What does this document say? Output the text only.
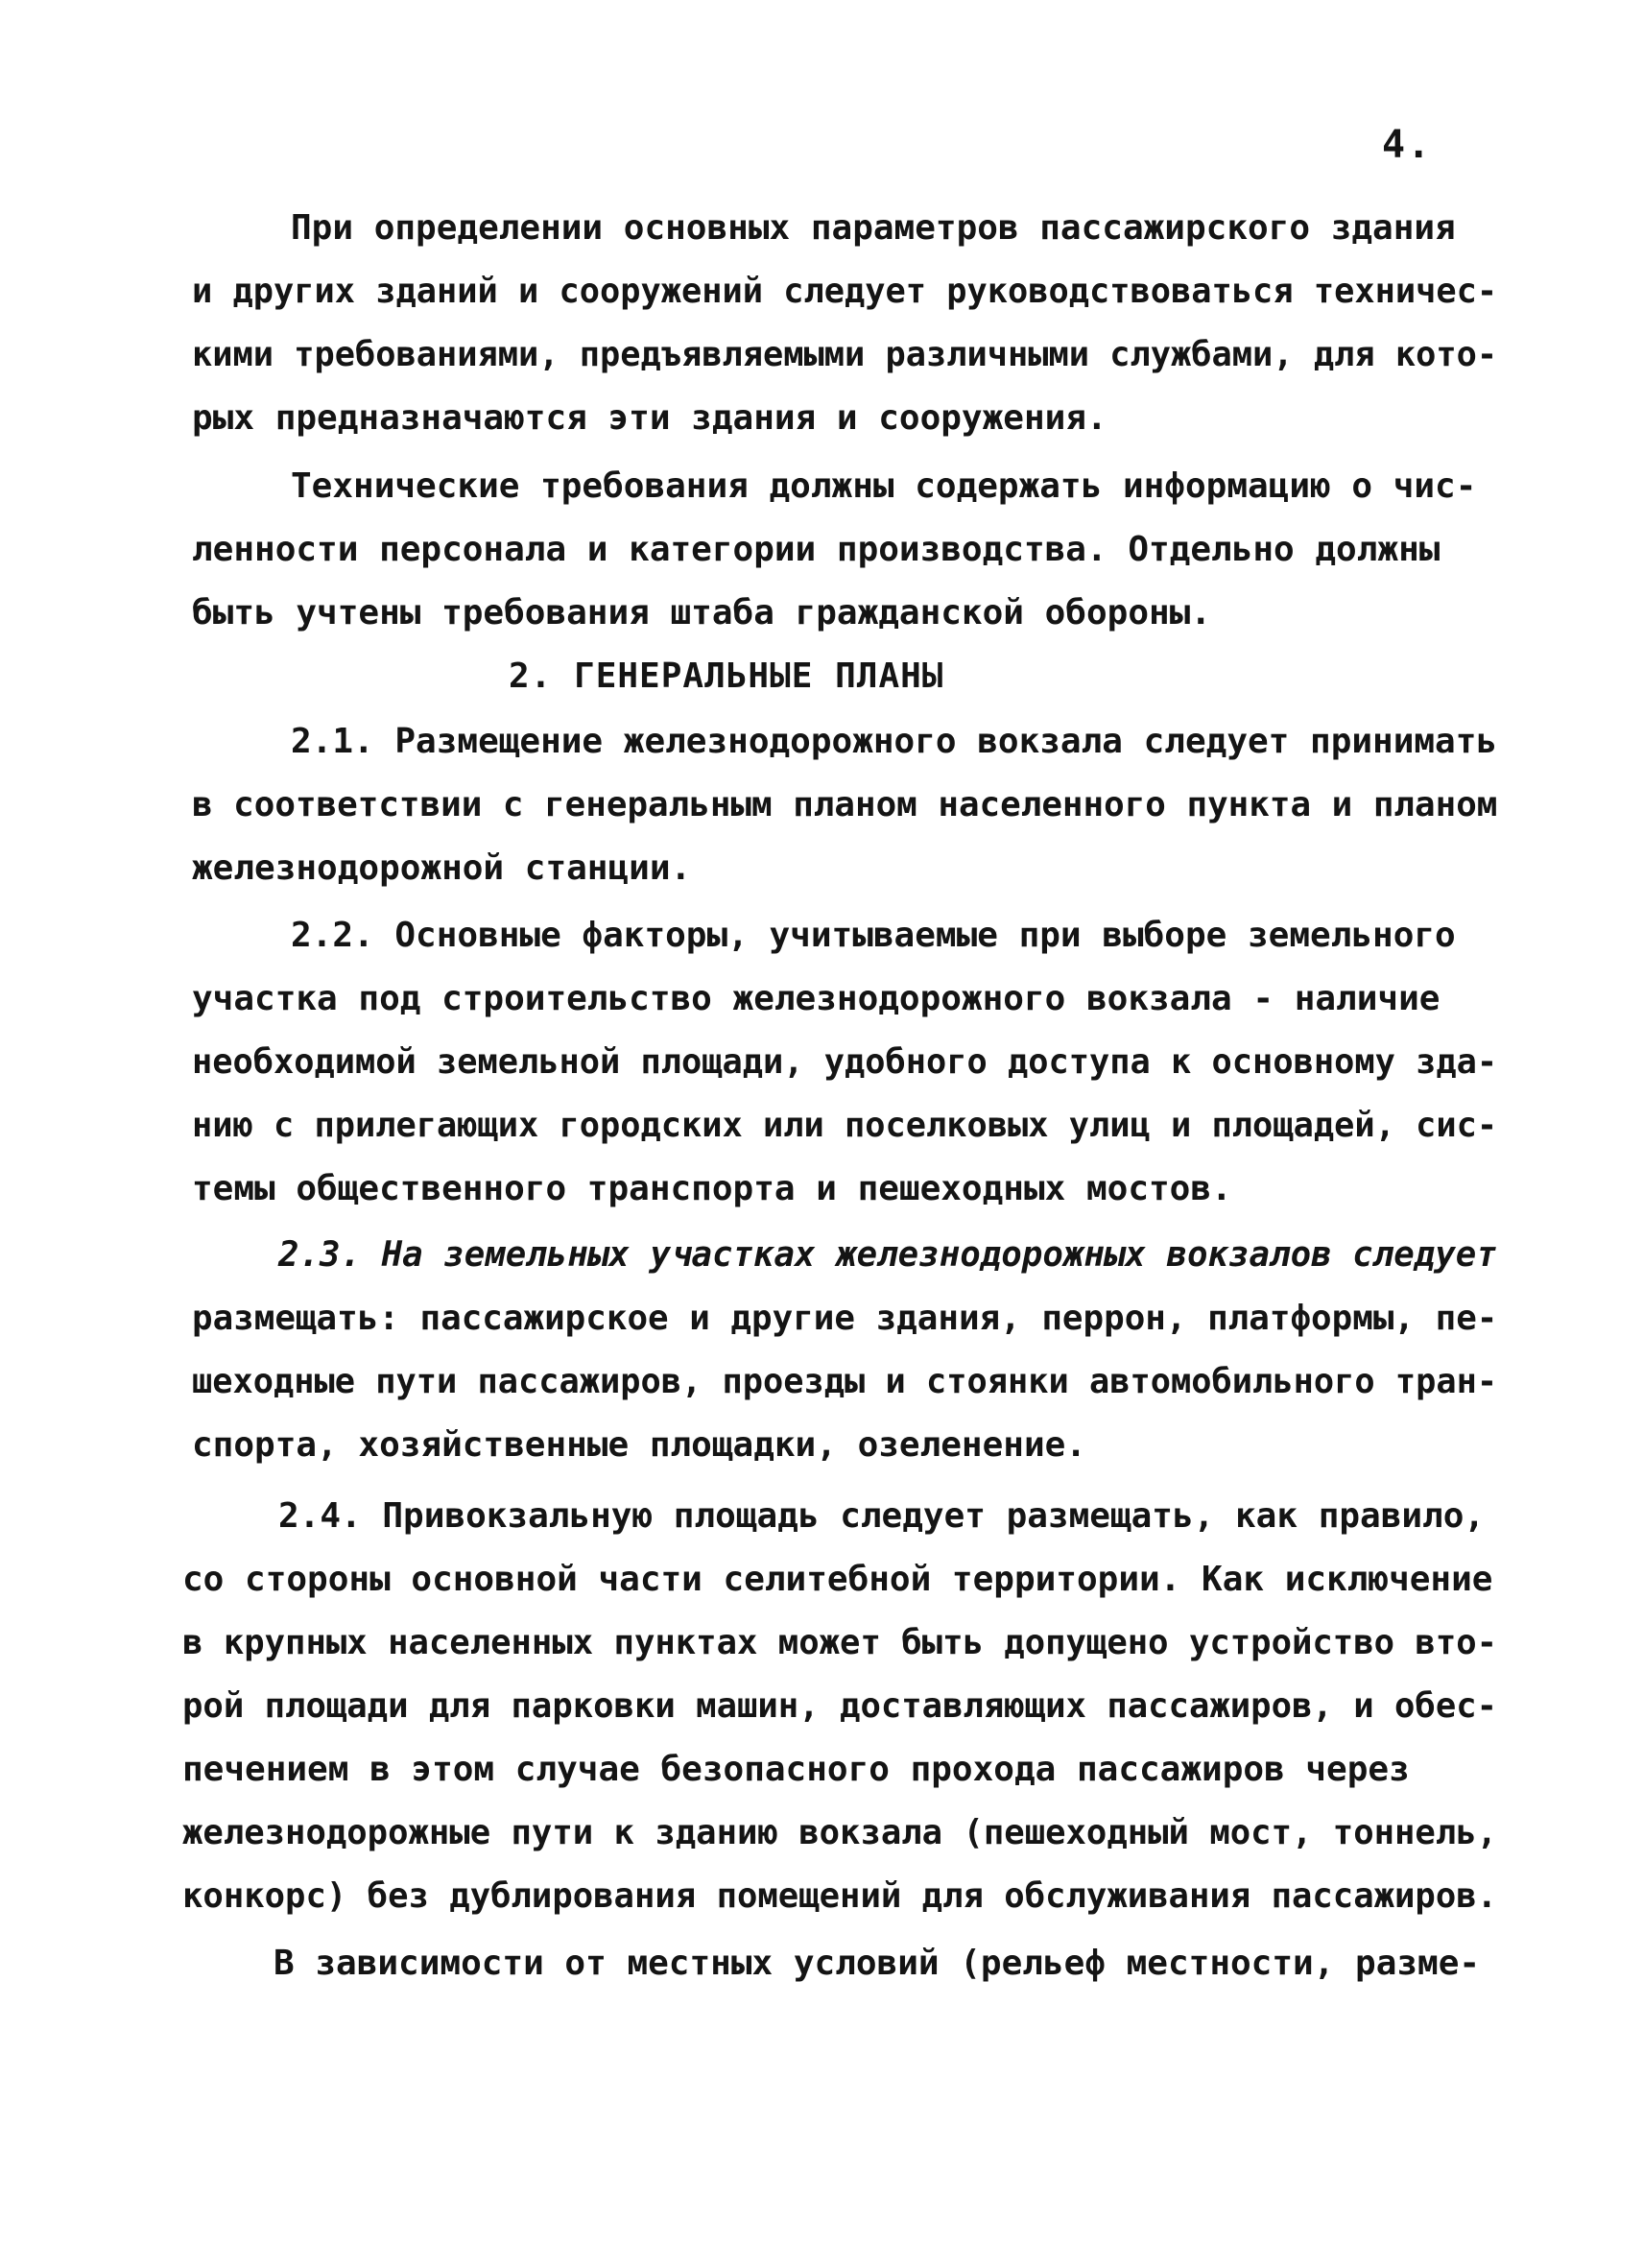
4.
При определении основных параметров пассажирского здания
и других зданий и сооружений следует руководствоваться техничес-
кими требованиями, предъявляемыми различными службами, для кото-
рых предназначаются эти здания и сооружения.
Технические требования должны содержать информацию о чис-
ленности персонала и категории производства. Отдельно должны
быть учтены требования штаба гражданской обороны.
2. ГЕНЕРАЛЬНЫЕ ПЛАНЫ
2.1. Размещение железнодорожного вокзала следует принимать
в соответствии с генеральным планом населенного пункта и планом
железнодорожной станции.
2.2. Основные факторы, учитываемые при выборе земельного
участка под строительство железнодорожного вокзала - наличие
необходимой земельной площади, удобного доступа к основному зда-
нию с прилегающих городских или поселковых улиц и площадей, сис-
темы общественного транспорта и пешеходных мостов.
2.3. На земельных участках железнодорожных вокзалов следует
размещать: пассажирское и другие здания, перрон, платформы, пе-
шеходные пути пассажиров, проезды и стоянки автомобильного тран-
спорта, хозяйственные площадки, озеленение.
2.4. Привокзальную площадь следует размещать, как правило,
со стороны основной части селитебной территории. Как исключение
в крупных населенных пунктах может быть допущено устройство вто-
рой площади для парковки машин, доставляющих пассажиров, и обес-
печением в этом случае безопасного прохода пассажиров через
железнодорожные пути к зданию вокзала (пешеходный мост, тоннель,
конкорс) без дублирования помещений для обслуживания пассажиров.
В зависимости от местных условий (рельеф местности, разме-
